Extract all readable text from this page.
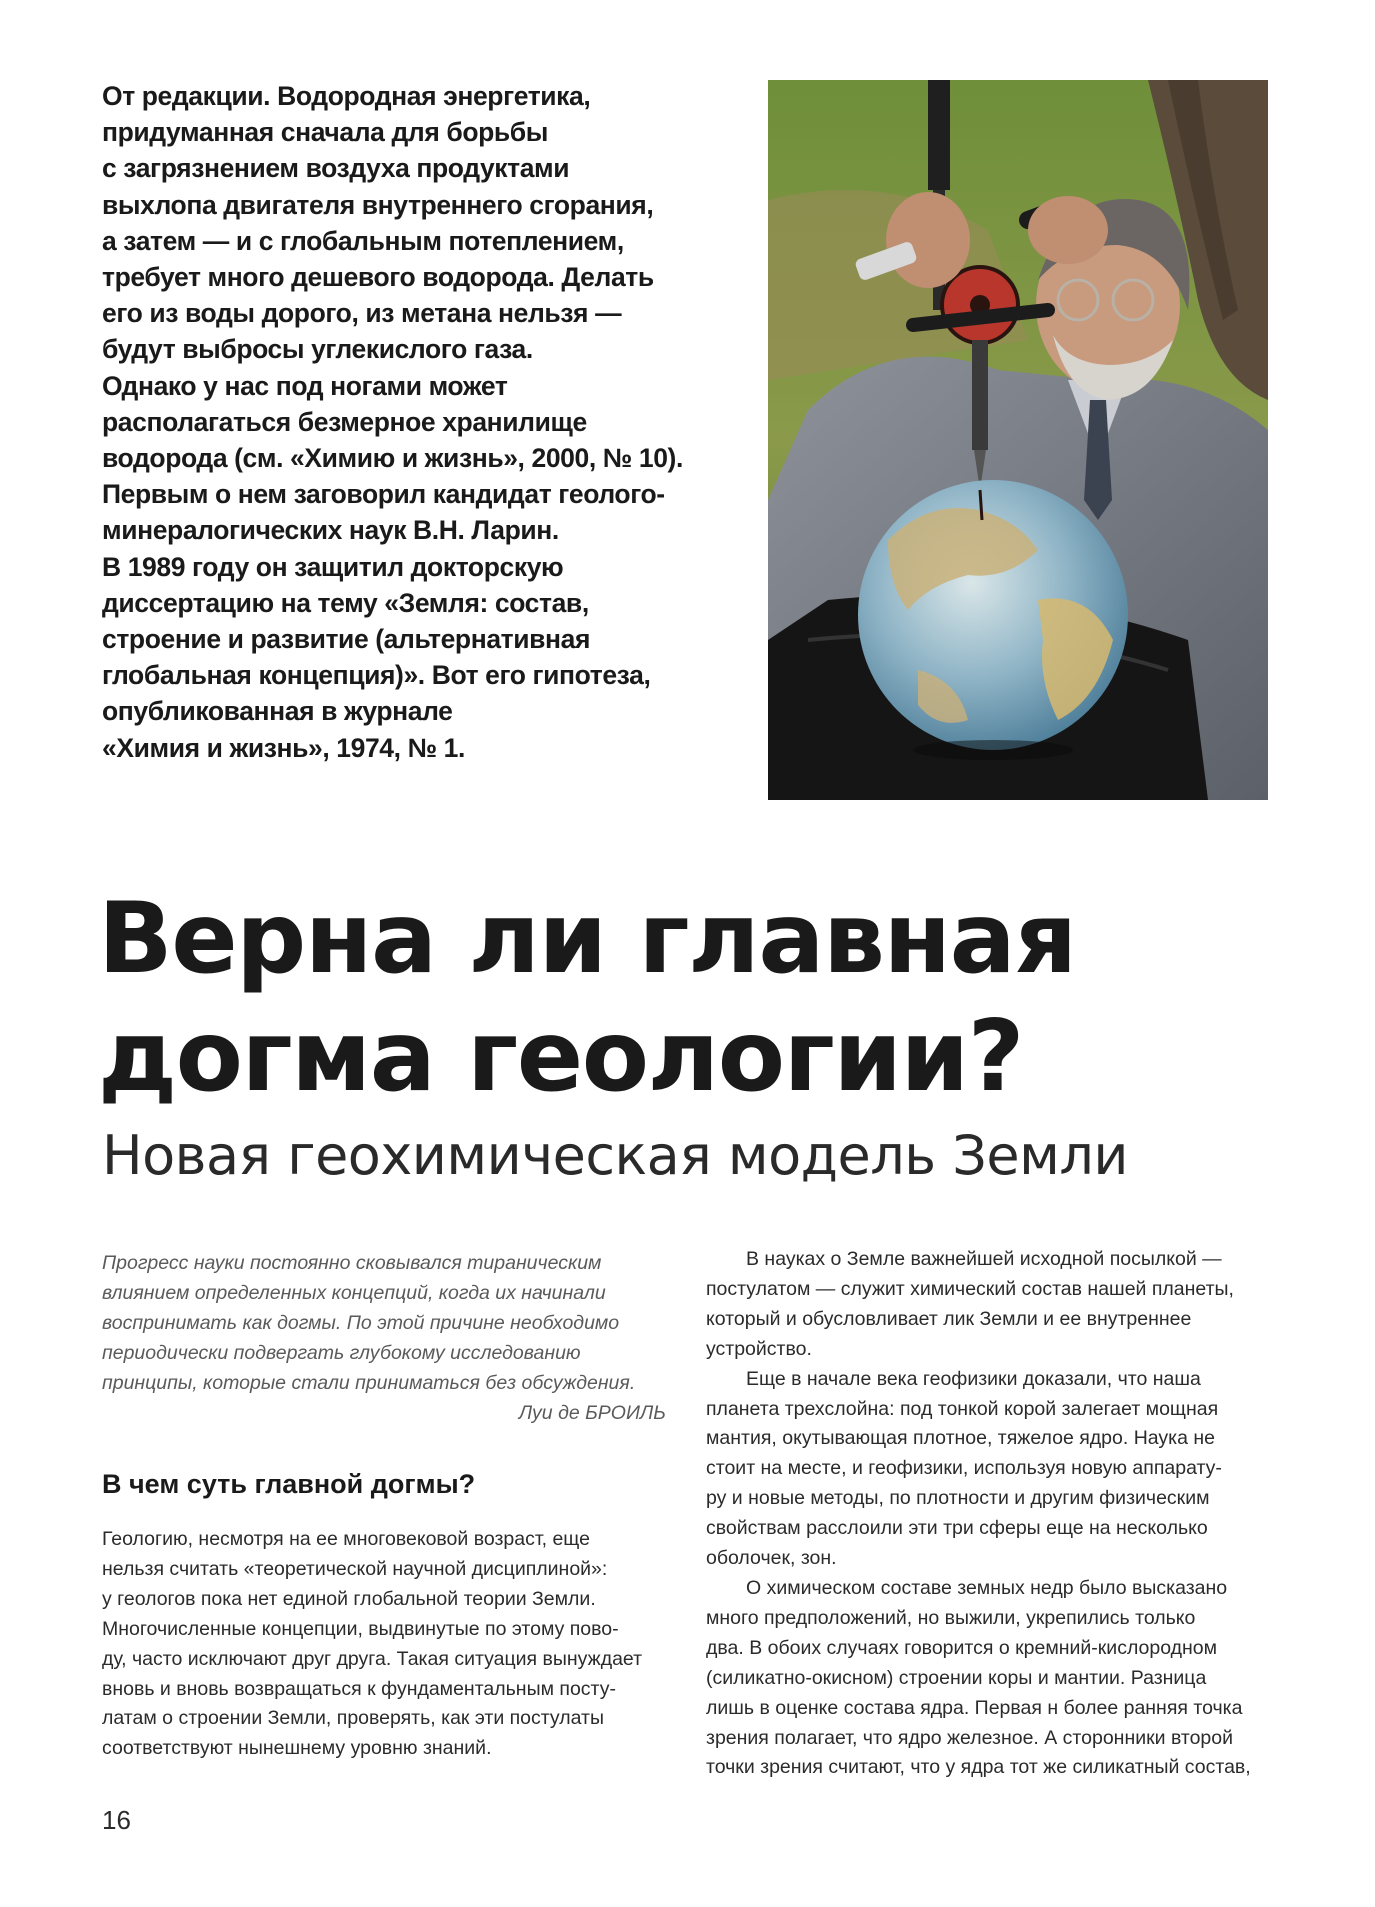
От редакции. Водородная энергетика,
придуманная сначала для борьбы
с загрязнением воздуха продуктами
выхлопа двигателя внутреннего сгорания,
а затем — и с глобальным потеплением,
требует много дешевого водорода. Делать
его из воды дорого, из метана нельзя —
будут выбросы углекислого газа.
Однако у нас под ногами может
располагаться безмерное хранилище
водорода (см. «Химию и жизнь», 2000, № 10).
Первым о нем заговорил кандидат геолого-
минералогических наук В.Н. Ларин.
В 1989 году он защитил докторскую
диссертацию на тему «Земля: состав,
строение и развитие (альтернативная
глобальная концепция)». Вот его гипотеза,
опубликованная в журнале
«Химия и жизнь», 1974, № 1.
Верна ли главная
догма геологии?
Новая геохимическая модель Земли
Прогресс науки постоянно сковывался тираническим
влиянием определенных концепций, когда их начинали
воспринимать как догмы. По этой причине необходимо
периодически подвергать глубокому исследованию
принципы, которые стали приниматься без обсуждения.
Луи де БРОИЛЬ
В чем суть главной догмы?
Геологию, несмотря на ее многовековой возраст, еще
нельзя считать «теоретической научной дисциплиной»:
у геологов пока нет единой глобальной теории Земли.
Многочисленные концепции, выдвинутые по этому пово-
ду, часто исключают друг друга. Такая ситуация вынуждает
вновь и вновь возвращаться к фундаментальным посту-
латам о строении Земли, проверять, как эти постулаты
соответствуют нынешнему уровню знаний.
В науках о Земле важнейшей исходной посылкой —
постулатом — служит химический состав нашей планеты,
который и обусловливает лик Земли и ее внутреннее
устройство.
Еще в начале века геофизики доказали, что наша
планета трехслойна: под тонкой корой залегает мощная
мантия, окутывающая плотное, тяжелое ядро. Наука не
стоит на месте, и геофизики, используя новую аппарату-
ру и новые методы, по плотности и другим физическим
свойствам расслоили эти три сферы еще на несколько
оболочек, зон.
О химическом составе земных недр было высказано
много предположений, но выжили, укрепились только
два. В обоих случаях говорится о кремний-кислородном
(силикатно-окисном) строении коры и мантии. Разница
лишь в оценке состава ядра. Первая н более ранняя точка
зрения полагает, что ядро железное. А сторонники второй
точки зрения считают, что у ядра тот же силикатный состав,
16
